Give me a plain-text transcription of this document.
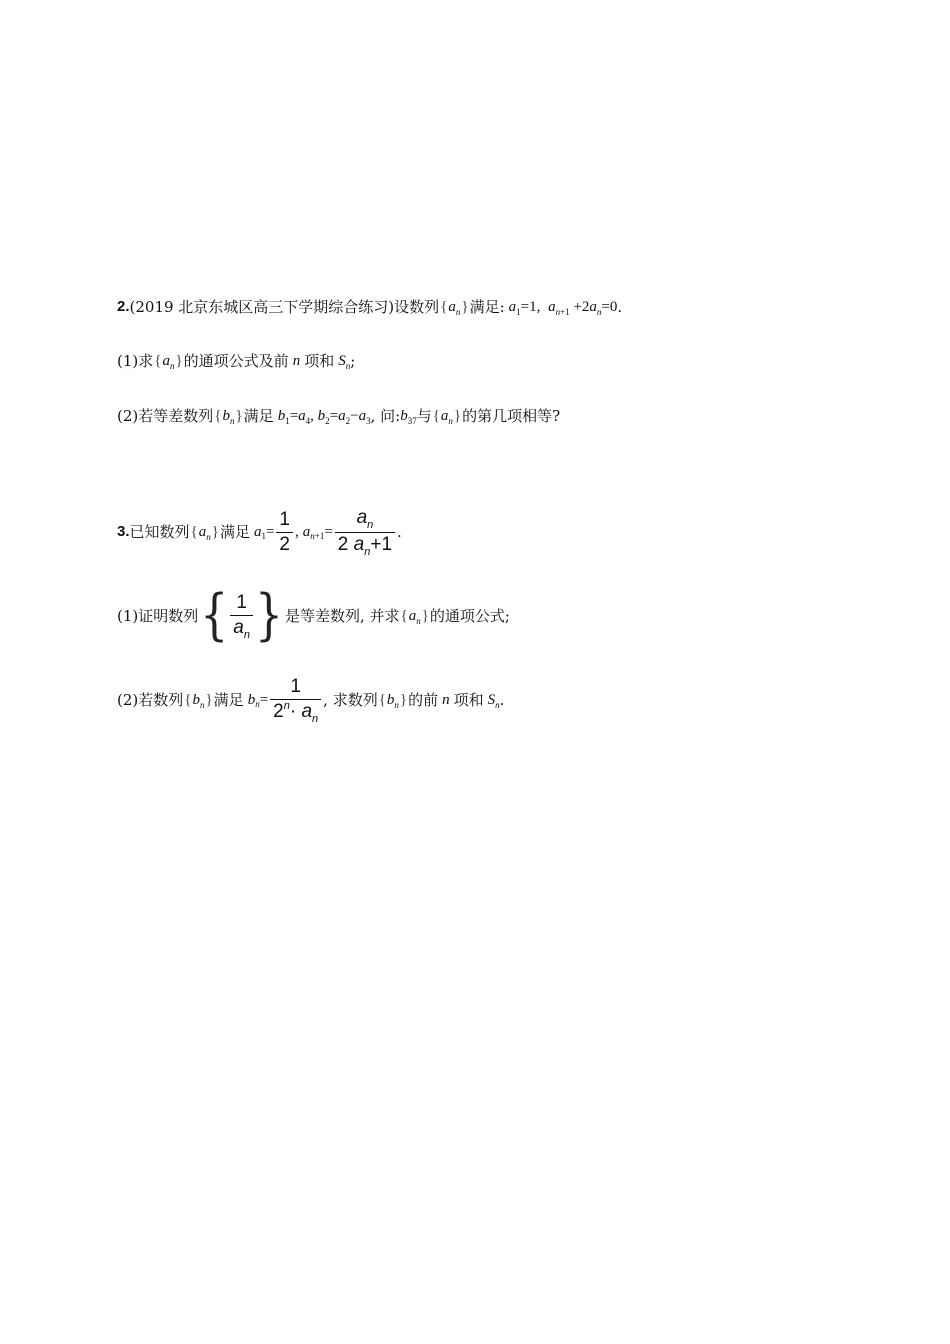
2. (2019 北京东城区高三下学期综合练习) 设数列 $\{a_n\}$ 满足: $a_1=1$, $a_{n+1} +2a_n=0$ .
(1) 求 $\{a_n\}$ 的通项公式及前 n 项和 $S_n$ ;
(2) 若等差数列 $\{b_n\}$ 满足 $b_1=a_4$, $b_2=a_2-a_3$ , 问: $b_{37}$ 与 $\{a_n\}$ 的第几项相等?
3. 已知数列 $\{a_n\}$ 满足 a $1 = \frac{1}{2}$ , a $n +1 = \frac{a_n}{2 a_n+1}$ .
(1) 证明数列 { $\frac{1}{a_n}$ } 是等差数列, 并求 $\{a_n\}$ 的通项公式;
(2) 若数列 $\{b_n\}$ 满足 b $n = \frac{1}{2^n\cdot a_n}$ , 求数列 $\{b_n\}$ 的前 n 项和 $S_n$ .
